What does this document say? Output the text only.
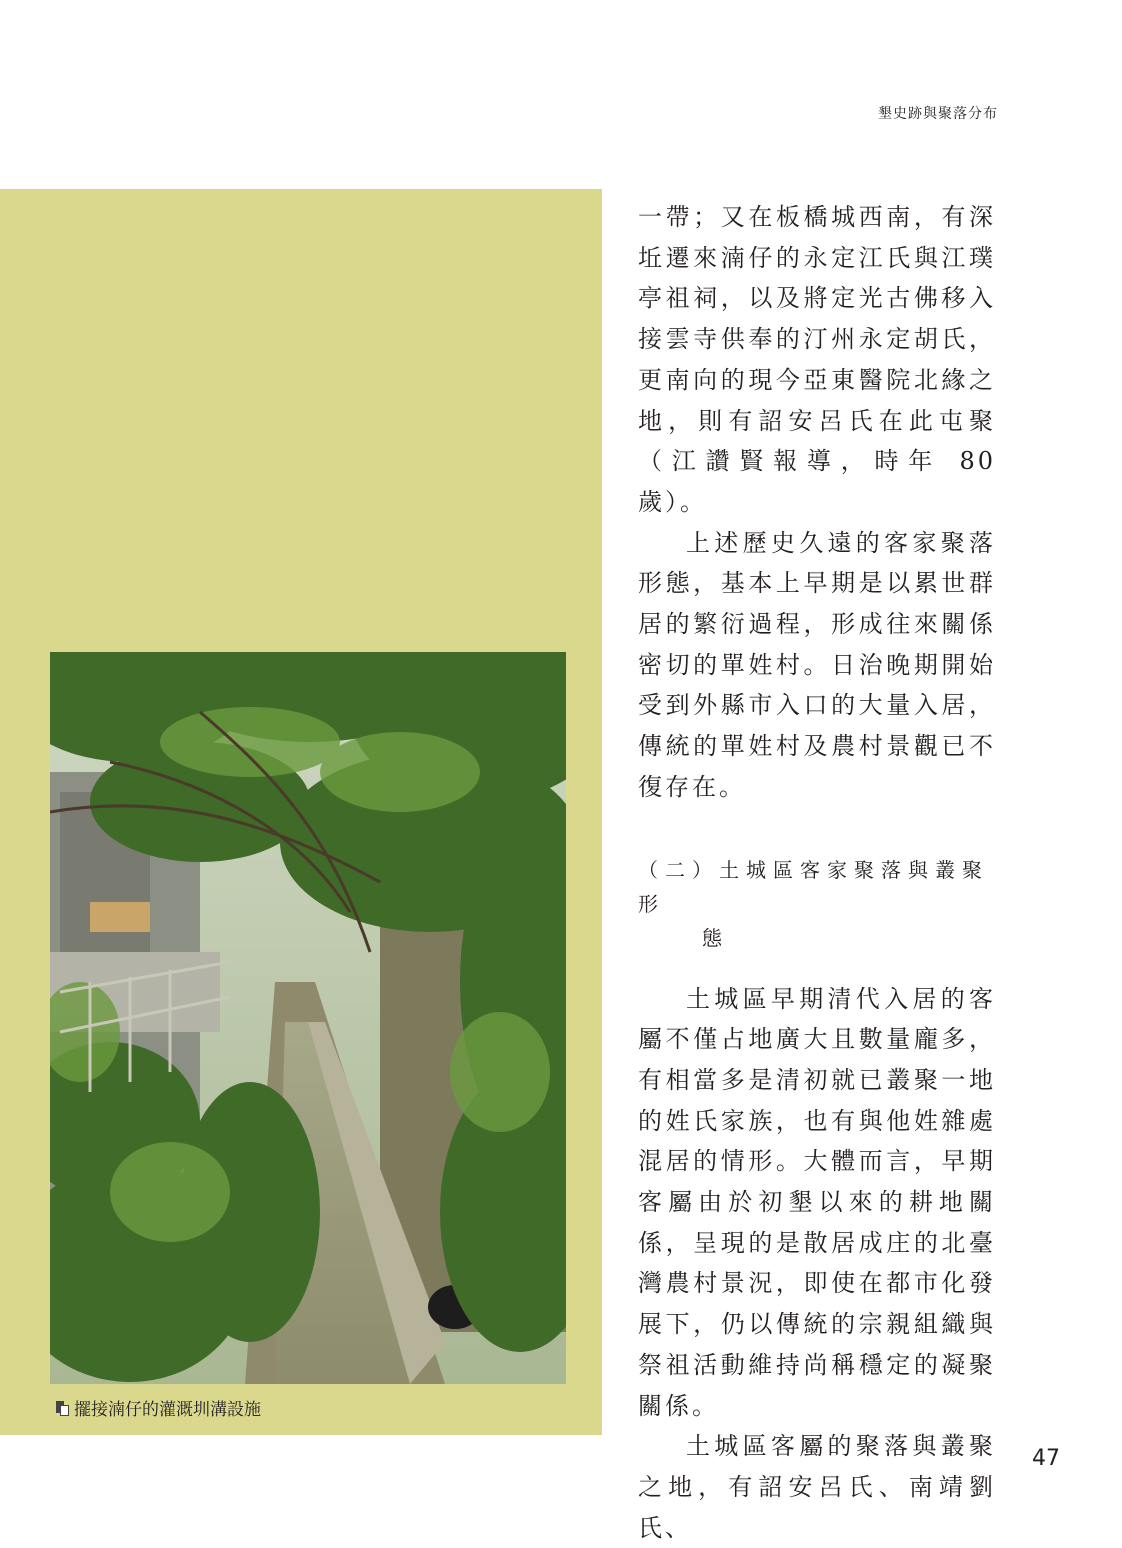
墾史跡與聚落分布
擺接湳仔的灌溉圳溝設施

一帶；又在板橋城西南，有深坵遷來湳仔的永定江氏與江璞亭祖祠，以及將定光古佛移入接雲寺供奉的汀州永定胡氏，更南向的現今亞東醫院北緣之地，則有詔安呂氏在此屯聚（江讚賢報導，時年 80 歲）。

上述歷史久遠的客家聚落形態，基本上早期是以累世群居的繁衍過程，形成往來關係密切的單姓村。日治晚期開始受到外縣市入口的大量入居，傳統的單姓村及農村景觀已不復存在。

（二）土城區客家聚落與叢聚形
態

土城區早期清代入居的客屬不僅占地廣大且數量龐多，有相當多是清初就已叢聚一地的姓氏家族，也有與他姓雜處混居的情形。大體而言，早期客屬由於初墾以來的耕地關係，呈現的是散居成庄的北臺灣農村景況，即使在都市化發展下，仍以傳統的宗親組織與祭祖活動維持尚稱穩定的凝聚關係。

土城區客屬的聚落與叢聚之地，有詔安呂氏、南靖劉氏、

47
